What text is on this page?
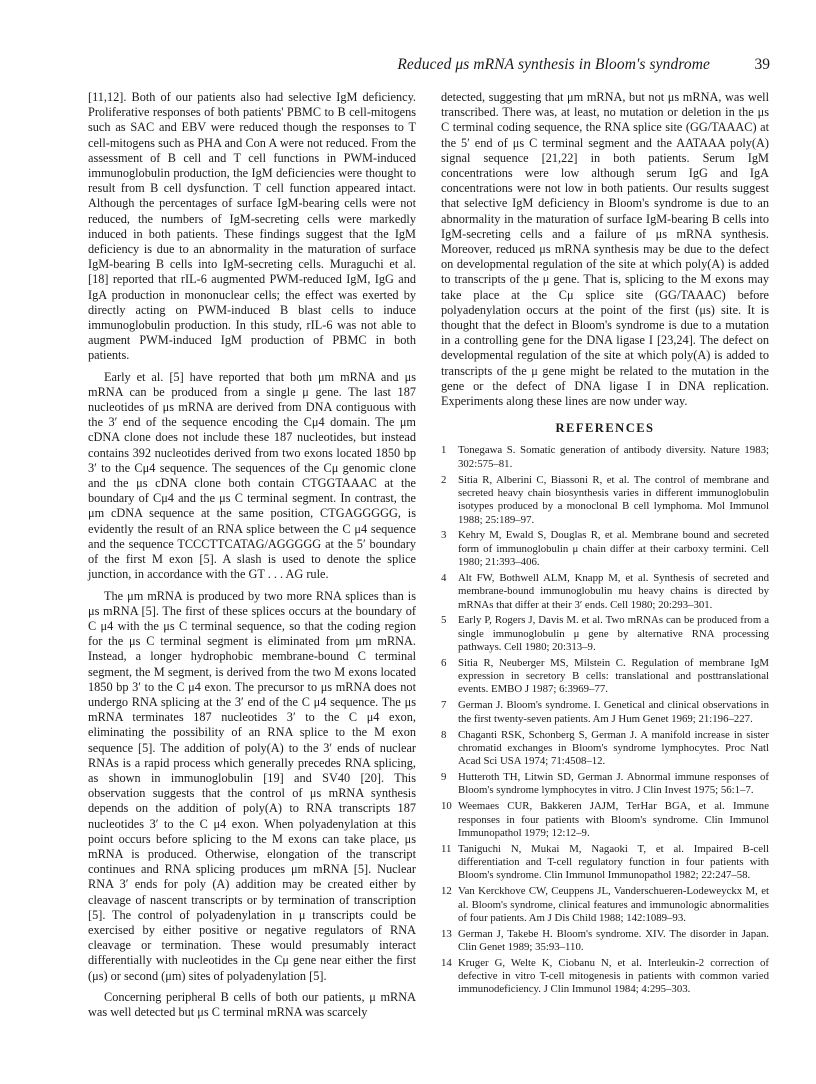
Reduced μs mRNA synthesis in Bloom's syndrome	39

[11,12]. Both of our patients also had selective IgM deficiency. Proliferative responses of both patients' PBMC to B cell-mitogens such as SAC and EBV were reduced though the responses to T cell-mitogens such as PHA and Con A were not reduced. From the assessment of B cell and T cell functions in PWM-induced immunoglobulin production, the IgM deficiencies were thought to result from B cell dysfunction. T cell function appeared intact. Although the percentages of surface IgM-bearing cells were not reduced, the numbers of IgM-secreting cells were markedly induced in both patients. These findings suggest that the IgM deficiency is due to an abnormality in the maturation of surface IgM-bearing B cells into IgM-secreting cells. Muraguchi et al. [18] reported that rIL-6 augmented PWM-reduced IgM, IgG and IgA production in mononuclear cells; the effect was exerted by directly acting on PWM-induced B blast cells to induce immunoglobulin production. In this study, rIL-6 was not able to augment PWM-induced IgM production of PBMC in both patients.

Early et al. [5] have reported that both μm mRNA and μs mRNA can be produced from a single μ gene. The last 187 nucleotides of μs mRNA are derived from DNA contiguous with the 3′ end of the sequence encoding the Cμ4 domain. The μm cDNA clone does not include these 187 nucleotides, but instead contains 392 nucleotides derived from two exons located 1850 bp 3′ to the Cμ4 sequence. The sequences of the Cμ genomic clone and the μs cDNA clone both contain CTGGTAAAC at the boundary of Cμ4 and the μs C terminal segment. In contrast, the μm cDNA sequence at the same position, CTGAGGGGG, is evidently the result of an RNA splice between the C μ4 sequence and the sequence TCCCTTCATAG/AGGGGG at the 5′ boundary of the first M exon [5]. A slash is used to denote the splice junction, in accordance with the GT . . . AG rule.

The μm mRNA is produced by two more RNA splices than is μs mRNA [5]. The first of these splices occurs at the boundary of C μ4 with the μs C terminal sequence, so that the coding region for the μs C terminal segment is eliminated from μm mRNA. Instead, a longer hydrophobic membrane-bound C terminal segment, the M segment, is derived from the two M exons located 1850 bp 3′ to the C μ4 exon. The precursor to μs mRNA does not undergo RNA splicing at the 3′ end of the C μ4 sequence. The μs mRNA terminates 187 nucleotides 3′ to the C μ4 exon, eliminating the possibility of an RNA splice to the M exon sequence [5]. The addition of poly(A) to the 3′ ends of nuclear RNAs is a rapid process which generally precedes RNA splicing, as shown in immunoglobulin [19] and SV40 [20]. This observation suggests that the control of μs mRNA synthesis depends on the addition of poly(A) to RNA transcripts 187 nucleotides 3′ to the C μ4 exon. When polyadenylation at this point occurs before splicing to the M exons can take place, μs mRNA is produced. Otherwise, elongation of the transcript continues and RNA splicing produces μm mRNA [5]. Nuclear RNA 3′ ends for poly (A) addition may be created either by cleavage of nascent transcripts or by termination of transcription [5]. The control of polyadenylation in μ transcripts could be exercised by either positive or negative regulators of RNA cleavage or termination. These would presumably interact differentially with nucleotides in the Cμ gene near either the first (μs) or second (μm) sites of polyadenylation [5].

Concerning peripheral B cells of both our patients, μ mRNA was well detected but μs C terminal mRNA was scarcely

detected, suggesting that μm mRNA, but not μs mRNA, was well transcribed. There was, at least, no mutation or deletion in the μs C terminal coding sequence, the RNA splice site (GG/TAAAC) at the 5′ end of μs C terminal segment and the AATAAA poly(A) signal sequence [21,22] in both patients. Serum IgM concentrations were low although serum IgG and IgA concentrations were not low in both patients. Our results suggest that selective IgM deficiency in Bloom's syndrome is due to an abnormality in the maturation of surface IgM-bearing B cells into IgM-secreting cells and a failure of μs mRNA synthesis. Moreover, reduced μs mRNA synthesis may be due to the defect on developmental regulation of the site at which poly(A) is added to transcripts of the μ gene. That is, splicing to the M exons may take place at the Cμ splice site (GG/TAAAC) before polyadenylation occurs at the point of the first (μs) site. It is thought that the defect in Bloom's syndrome is due to a mutation in a controlling gene for the DNA ligase I [23,24]. The defect on developmental regulation of the site at which poly(A) is added to transcripts of the μ gene might be related to the mutation in the gene or the defect of DNA ligase I in DNA replication. Experiments along these lines are now under way.

REFERENCES
1	Tonegawa S. Somatic generation of antibody diversity. Nature 1983; 302:575–81.
2	Sitia R, Alberini C, Biassoni R, et al. The control of membrane and secreted heavy chain biosynthesis varies in different immunoglobulin isotypes produced by a monoclonal B cell lymphoma. Mol Immunol 1988; 25:189–97.
3	Kehry M, Ewald S, Douglas R, et al. Membrane bound and secreted form of immunoglobulin μ chain differ at their carboxy termini. Cell 1980; 21:393–406.
4	Alt FW, Bothwell ALM, Knapp M, et al. Synthesis of secreted and membrane-bound immunoglobulin mu heavy chains is directed by mRNAs that differ at their 3′ ends. Cell 1980; 20:293–301.
5	Early P, Rogers J, Davis M. et al. Two mRNAs can be produced from a single immunoglobulin μ gene by alternative RNA processing pathways. Cell 1980; 20:313–9.
6	Sitia R, Neuberger MS, Milstein C. Regulation of membrane IgM expression in secretory B cells: translational and posttranslational events. EMBO J 1987; 6:3969–77.
7	German J. Bloom's syndrome. I. Genetical and clinical observations in the first twenty-seven patients. Am J Hum Genet 1969; 21:196–227.
8	Chaganti RSK, Schonberg S, German J. A manifold increase in sister chromatid exchanges in Bloom's syndrome lymphocytes. Proc Natl Acad Sci USA 1974; 71:4508–12.
9	Hutteroth TH, Litwin SD, German J. Abnormal immune responses of Bloom's syndrome lymphocytes in vitro. J Clin Invest 1975; 56:1–7.
10 Weemaes CUR, Bakkeren JAJM, TerHar BGA, et al. Immune responses in four patients with Bloom's syndrome. Clin Immunol Immunopathol 1979; 12:12–9.
11 Taniguchi N, Mukai M, Nagaoki T, et al. Impaired B-cell differentiation and T-cell regulatory function in four patients with Bloom's syndrome. Clin Immunol Immunopathol 1982; 22:247–58.
12 Van Kerckhove CW, Ceuppens JL, Vanderschueren-Lodeweyckx M, et al. Bloom's syndrome, clinical features and immunologic abnormalities of four patients. Am J Dis Child 1988; 142:1089–93.
13 German J, Takebe H. Bloom's syndrome. XIV. The disorder in Japan. Clin Genet 1989; 35:93–110.
14 Kruger G, Welte K, Ciobanu N, et al. Interleukin-2 correction of defective in vitro T-cell mitogenesis in patients with common varied immunodeficiency. J Clin Immunol 1984; 4:295–303.
